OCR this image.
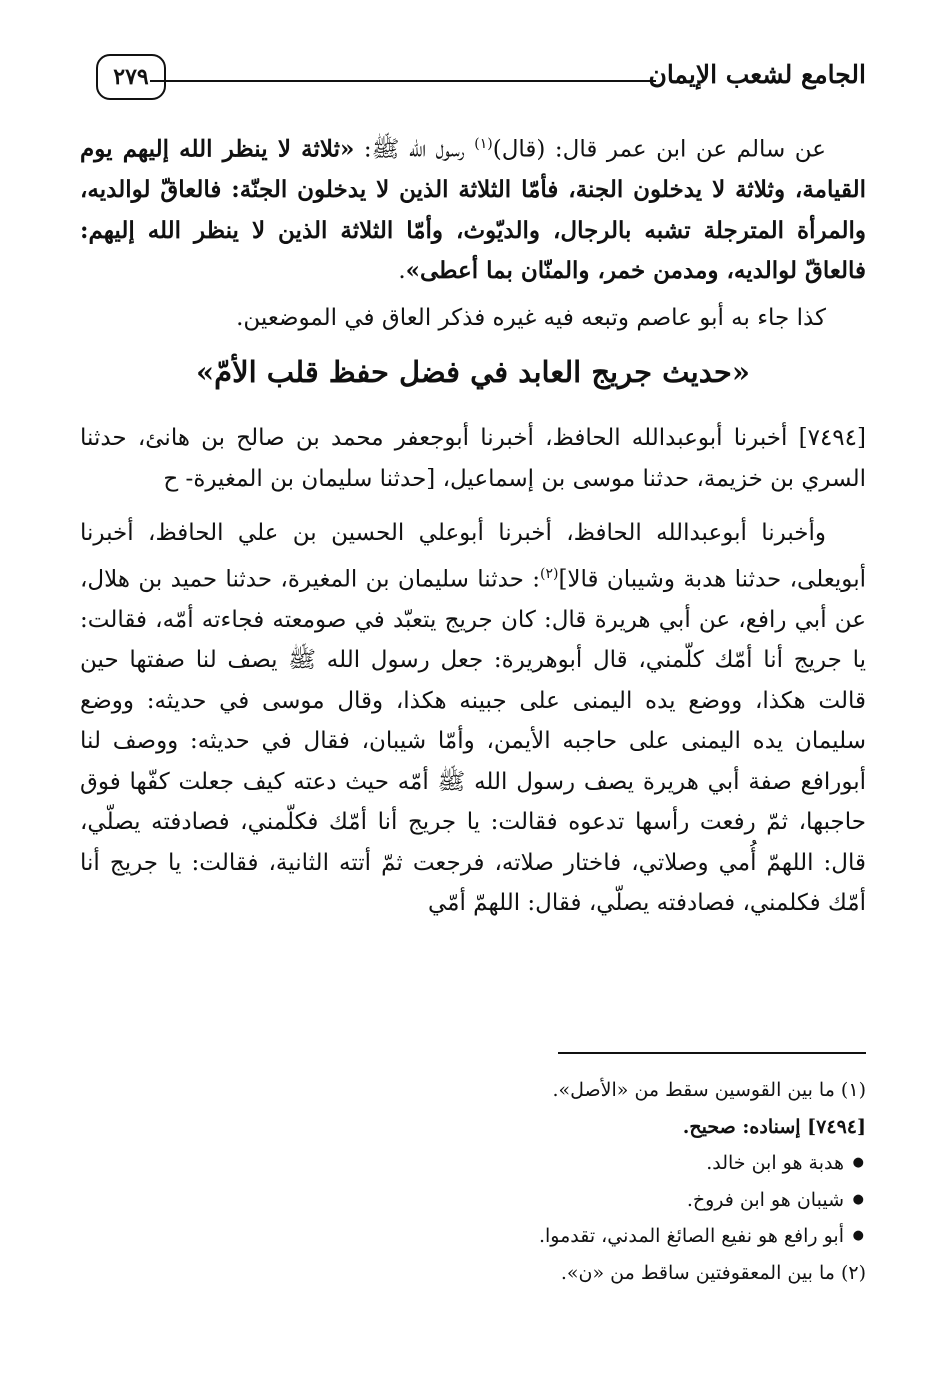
الجامع لشعب الإيمان
٢٧٩

عن سالم عن ابن عمر قال: (قال)$^{(١)}$ رسول الله ﷺ: «ثلاثة لا ينظر الله إليهم يوم القيامة، وثلاثة لا يدخلون الجنة، فأمّا الثلاثة الذين لا يدخلون الجنّة: فالعاقّ لوالديه، والمرأة المترجلة تشبه بالرجال، والديّوث، وأمّا الثلاثة الذين لا ينظر الله إليهم: فالعاقّ لوالديه، ومدمن خمر، والمنّان بما أعطى».

كذا جاء به أبو عاصم وتبعه فيه غيره فذكر العاق في الموضعين.

«حديث جريج العابد في فضل حفظ قلب الأمّ»

[٧٤٩٤] أخبرنا أبوعبدالله الحافظ، أخبرنا أبوجعفر محمد بن صالح بن هانئ، حدثنا السري بن خزيمة، حدثنا موسى بن إسماعيل، [حدثنا سليمان بن المغيرة- ح

وأخبرنا أبوعبدالله الحافظ، أخبرنا أبوعلي الحسين بن علي الحافظ، أخبرنا أبويعلى، حدثنا هدبة وشيبان قالا]$^{(٢)}$: حدثنا سليمان بن المغيرة، حدثنا حميد بن هلال، عن أبي رافع، عن أبي هريرة قال: كان جريج يتعبّد في صومعته فجاءته أمّه، فقالت: يا جريج أنا أمّك كلّمني، قال أبوهريرة: جعل رسول الله ﷺ يصف لنا صفتها حين قالت هكذا، ووضع يده اليمنى على جبينه هكذا، وقال موسى في حديثه: ووضع سليمان يده اليمنى على حاجبه الأيمن، وأمّا شيبان، فقال في حديثه: ووصف لنا أبورافع صفة أبي هريرة يصف رسول الله ﷺ أمّه حيث دعته كيف جعلت كفّها فوق حاجبها، ثمّ رفعت رأسها تدعوه فقالت: يا جريج أنا أمّك فكلّمني، فصادفته يصلّي، قال: اللهمّ أُمي وصلاتي، فاختار صلاته، فرجعت ثمّ أتته الثانية، فقالت: يا جريج أنا أمّك فكلمني، فصادفته يصلّي، فقال: اللهمّ أمّي

(١) ما بين القوسين سقط من «الأصل».

[٧٤٩٤] إسناده: صحيح.

● هدبة هو ابن خالد.
● شيبان هو ابن فروخ.
● أبو رافع هو نفيع الصائغ المدني، تقدموا.

(٢) ما بين المعقوفتين ساقط من «ن».
